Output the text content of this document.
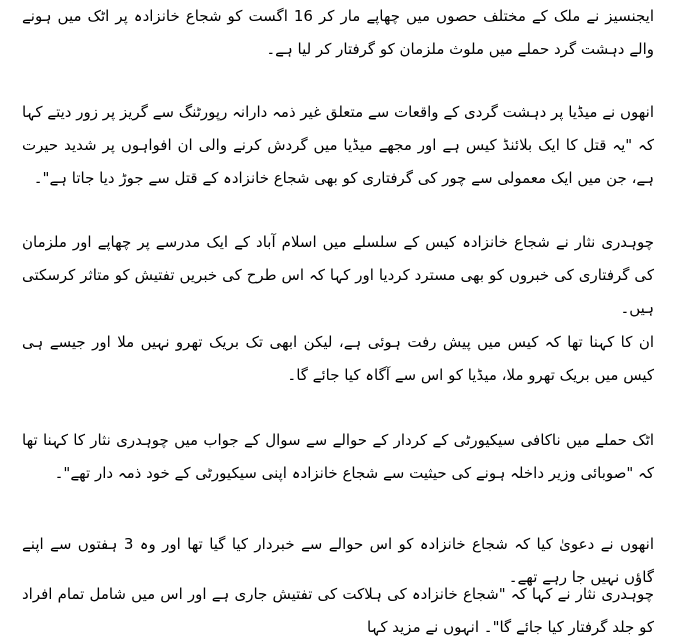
ایجنسیز نے ملک کے مختلف حصوں میں چھاپے مار کر 16 اگست کو شجاع خانزادہ پر اٹک میں ہونے والے دہشت گرد حملے میں ملوث ملزمان کو گرفتار کر لیا ہے۔

انھوں نے میڈیا پر دہشت گردی کے واقعات سے متعلق غیر ذمہ دارانہ رپورٹنگ سے گریز پر زور دیتے کہا کہ "یہ قتل کا ایک بلائنڈ کیس ہے اور مجھے میڈیا میں گردش کرنے والی ان افواہوں پر شدید حیرت ہے، جن میں ایک معمولی سے چور کی گرفتاری کو بھی شجاع خانزادہ کے قتل سے جوڑ دیا جاتا ہے"۔

چوہدری نثار نے شجاع خانزادہ کیس کے سلسلے میں اسلام آباد کے ایک مدرسے پر چھاپے اور ملزمان کی گرفتاری کی خبروں کو بھی مسترد کردیا اور کہا کہ اس طرح کی خبریں تفتیش کو متاثر کرسکتی ہیں۔

ان کا کہنا تھا کہ کیس میں پیش رفت ہوئی ہے، لیکن ابھی تک بریک تھرو نہیں ملا اور جیسے ہی کیس میں بریک تھرو ملا، میڈیا کو اس سے آگاہ کیا جائے گا۔

اٹک حملے میں ناکافی سیکیورٹی کے کردار کے حوالے سے سوال کے جواب میں چوہدری نثار کا کہنا تھا کہ "صوبائی وزیر داخلہ ہونے کی حیثیت سے شجاع خانزادہ اپنی سیکیورٹی کے خود ذمہ دار تھے"۔

انھوں نے دعویٰ کیا کہ شجاع خانزادہ کو اس حوالے سے خبردار کیا گیا تھا اور وہ 3 ہفتوں سے اپنے گاؤں نہیں جا رہے تھے۔

چوہدری نثار نے کہا کہ "شجاع خانزادہ کی ہلاکت کی تفتیش جاری ہے اور اس میں شامل تمام افراد کو جلد گرفتار کیا جائے گا"۔ انہوں نے مزید کہا
